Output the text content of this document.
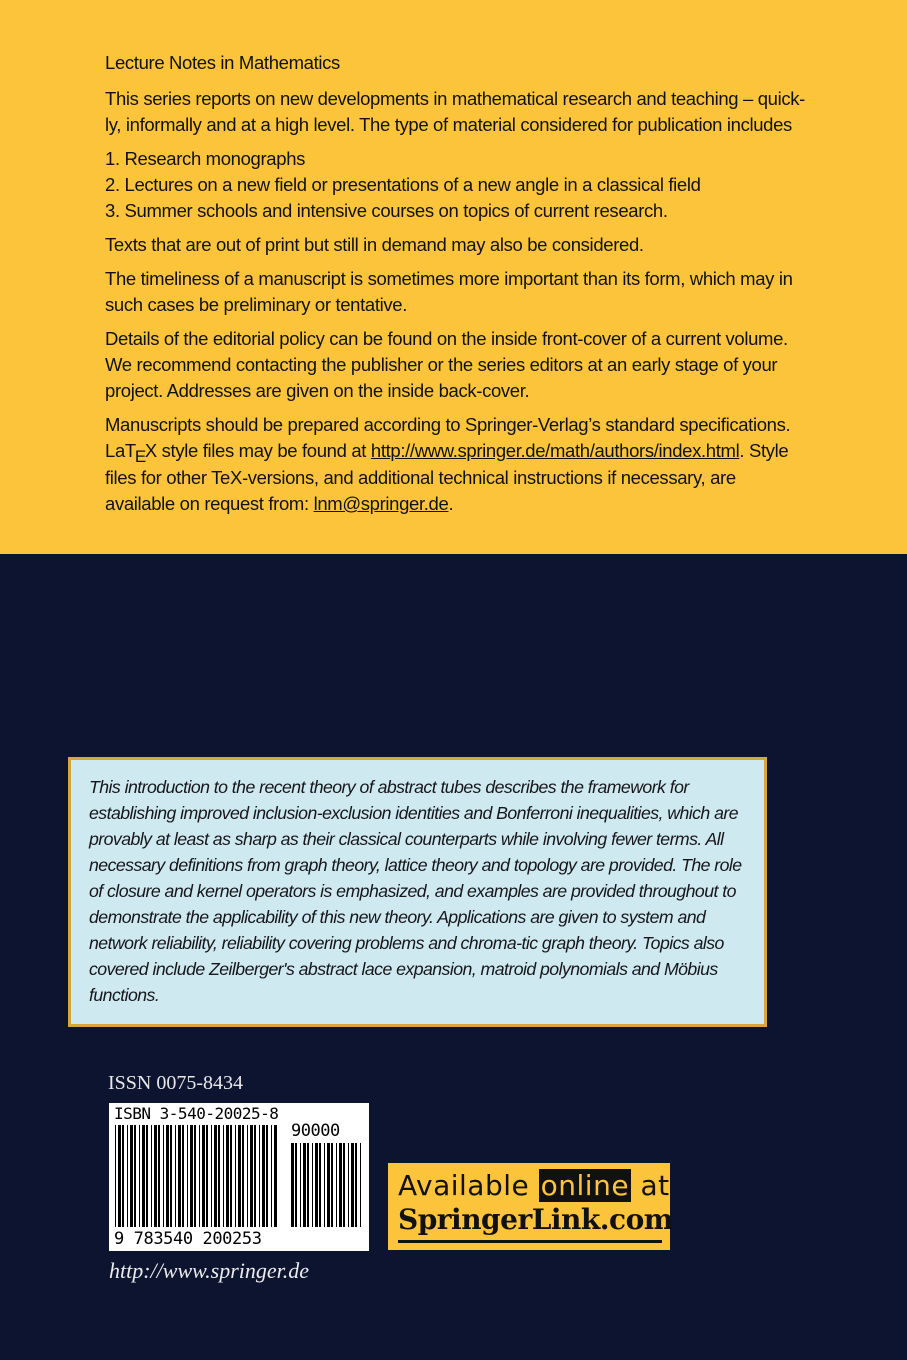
Lecture Notes in Mathematics

This series reports on new developments in mathematical research and teaching – quick-ly, informally and at a high level. The type of material considered for publication includes

1. Research monographs
2. Lectures on a new field or presentations of a new angle in a classical field
3. Summer schools and intensive courses on topics of current research.

Texts that are out of print but still in demand may also be considered.

The timeliness of a manuscript is sometimes more important than its form, which may in such cases be preliminary or tentative.

Details of the editorial policy can be found on the inside front-cover of a current volume. We recommend contacting the publisher or the series editors at an early stage of your project. Addresses are given on the inside back-cover.

Manuscripts should be prepared according to Springer-Verlag’s standard specifications. LaTEX style files may be found at http://www.springer.de/math/authors/index.html. Style files for other TeX-versions, and additional technical instructions if necessary, are available on request from: lnm@springer.de.

This introduction to the recent theory of abstract tubes describes the framework for establishing improved inclusion-exclusion identities and Bonferroni inequalities, which are provably at least as sharp as their classical counterparts while involving fewer terms. All necessary definitions from graph theory, lattice theory and topology are provided. The role of closure and kernel operators is emphasized, and examples are provided throughout to demonstrate the applicability of this new theory. Applications are given to system and network reliability, reliability covering problems and chroma-tic graph theory. Topics also covered include Zeilberger's abstract lace expansion, matroid polynomials and Möbius functions.

ISSN 0075-8434
ISBN 3-540-20025-8
90000
9 783540 200253
http://www.springer.de
Available online at
SpringerLink.com
